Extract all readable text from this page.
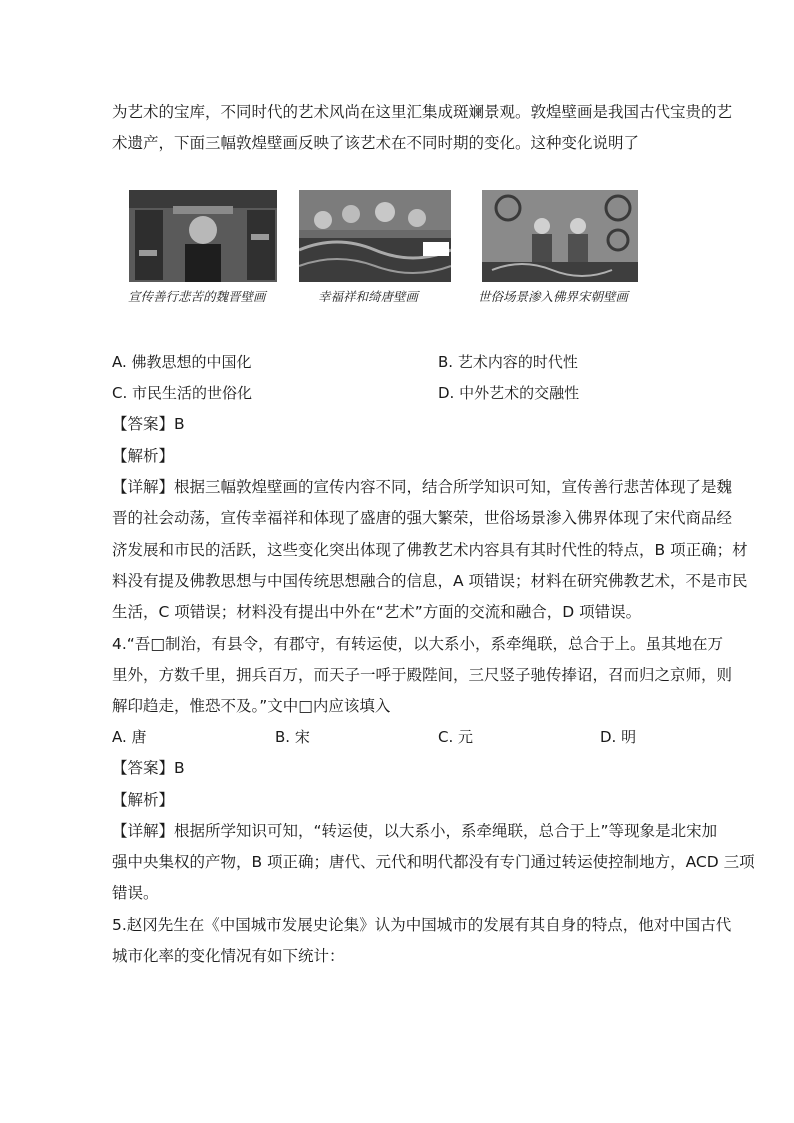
为艺术的宝库，不同时代的艺术风尚在这里汇集成斑斓景观。敦煌壁画是我国古代宝贵的艺
术遗产，下面三幅敦煌壁画反映了该艺术在不同时期的变化。这种变化说明了
宣传善行悲苦的魏晋壁画	幸福祥和绮唐壁画	世俗场景渗入佛界宋朝壁画
A. 佛教思想的中国化	B. 艺术内容的时代性
C. 市民生活的世俗化	D. 中外艺术的交融性
【答案】B
【解析】
【详解】根据三幅敦煌壁画的宣传内容不同，结合所学知识可知，宣传善行悲苦体现了是魏
晋的社会动荡，宣传幸福祥和体现了盛唐的强大繁荣，世俗场景渗入佛界体现了宋代商品经
济发展和市民的活跃，这些变化突出体现了佛教艺术内容具有其时代性的特点，B 项正确；材
料没有提及佛教思想与中国传统思想融合的信息，A 项错误；材料在研究佛教艺术，不是市民
生活，C 项错误；材料没有提出中外在“艺术”方面的交流和融合，D 项错误。
4.“吾□制治，有县令，有郡守，有转运使，以大系小，系牵绳联，总合于上。虽其地在万
里外，方数千里，拥兵百万，而天子一呼于殿陛间，三尺竖子驰传捧诏，召而归之京师，则
解印趋走，惟恐不及。”文中□内应该填入
A. 唐	B. 宋	C. 元	D. 明
【答案】B
【解析】
【详解】根据所学知识可知，“转运使，以大系小，系牵绳联，总合于上”等现象是北宋加
强中央集权的产物，B 项正确；唐代、元代和明代都没有专门通过转运使控制地方，ACD 三项
错误。
5.赵冈先生在《中国城市发展史论集》认为中国城市的发展有其自身的特点，他对中国古代
城市化率的变化情况有如下统计：
